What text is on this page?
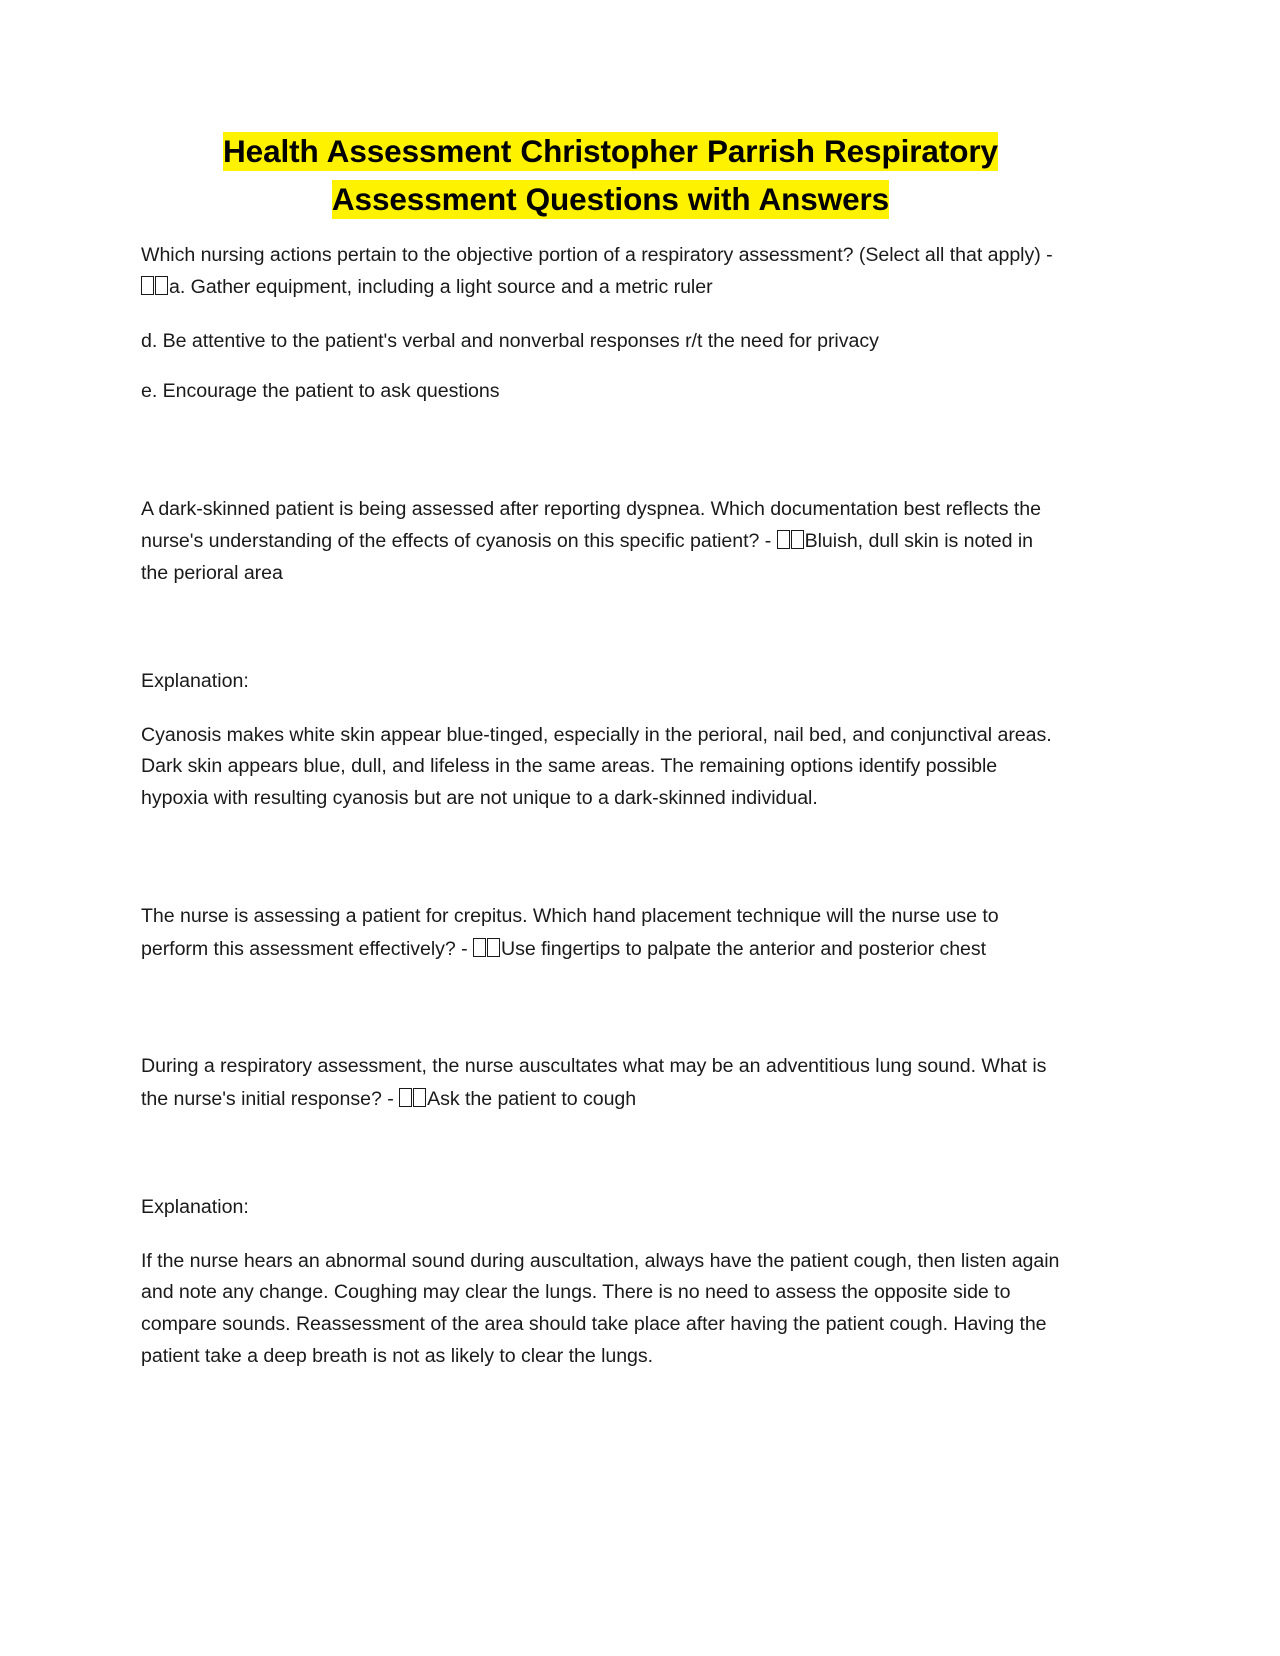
Health Assessment Christopher Parrish Respiratory
Assessment Questions with Answers

Which nursing actions pertain to the objective portion of a respiratory assessment? (Select all that apply) - a. Gather equipment, including a light source and a metric ruler

d. Be attentive to the patient's verbal and nonverbal responses r/t the need for privacy

e. Encourage the patient to ask questions

A dark-skinned patient is being assessed after reporting dyspnea. Which documentation best reflects the nurse's understanding of the effects of cyanosis on this specific patient? - Bluish, dull skin is noted in the perioral area

Explanation:

Cyanosis makes white skin appear blue-tinged, especially in the perioral, nail bed, and conjunctival areas. Dark skin appears blue, dull, and lifeless in the same areas. The remaining options identify possible hypoxia with resulting cyanosis but are not unique to a dark-skinned individual.

The nurse is assessing a patient for crepitus. Which hand placement technique will the nurse use to perform this assessment effectively? - Use fingertips to palpate the anterior and posterior chest

During a respiratory assessment, the nurse auscultates what may be an adventitious lung sound. What is the nurse's initial response? - Ask the patient to cough

Explanation:

If the nurse hears an abnormal sound during auscultation, always have the patient cough, then listen again and note any change. Coughing may clear the lungs. There is no need to assess the opposite side to compare sounds. Reassessment of the area should take place after having the patient cough. Having the patient take a deep breath is not as likely to clear the lungs.
